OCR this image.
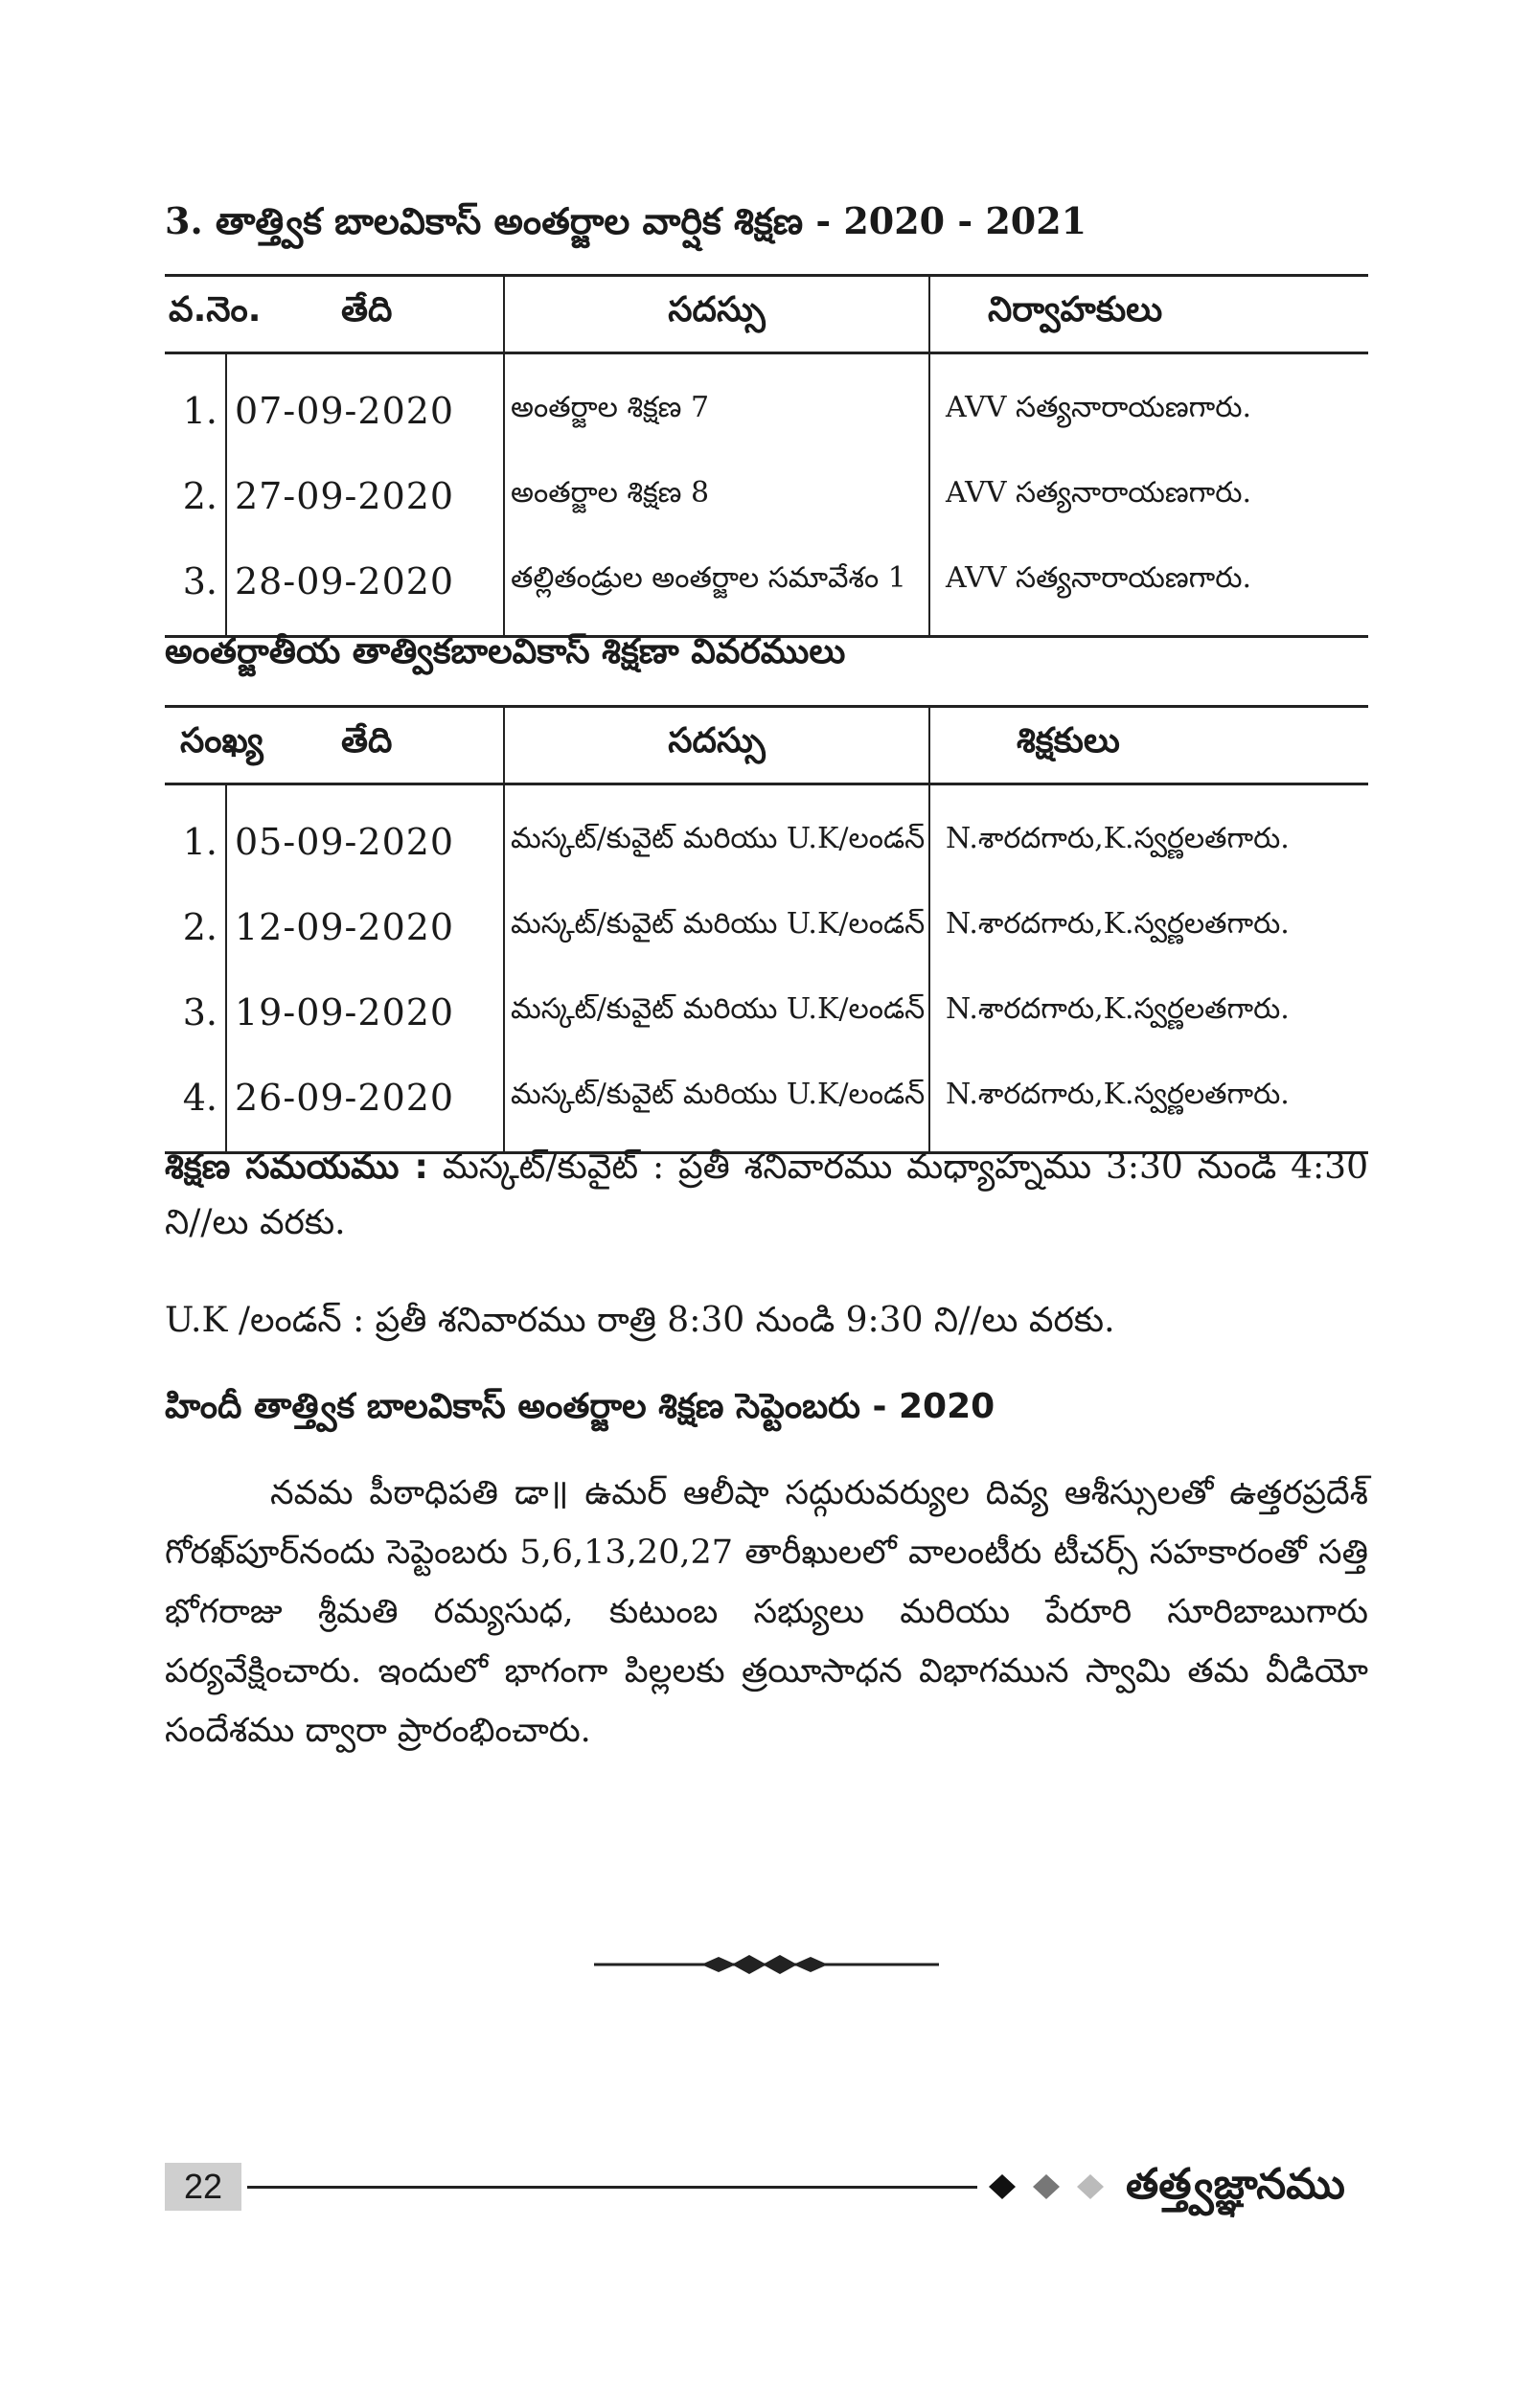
3. తాత్త్విక బాలవికాస్ అంతర్జాల వార్షిక శిక్షణ - 2020 - 2021
వ.నెం.	తేది	సదస్సు	నిర్వాహకులు
1.	07-09-2020	అంతర్జాల శిక్షణ 7	AVV సత్యనారాయణగారు.
2.	27-09-2020	అంతర్జాల శిక్షణ 8	AVV సత్యనారాయణగారు.
3.	28-09-2020	తల్లితండ్రుల అంతర్జాల సమావేశం 1	AVV సత్యనారాయణగారు.
అంతర్జాతీయ తాత్వికబాలవికాస్ శిక్షణా వివరములు
సంఖ్య	తేది	సదస్సు	శిక్షకులు
1.	05-09-2020	మస్కట్/కువైట్ మరియు U.K/లండన్	N.శారదగారు,K.స్వర్ణలతగారు.
2.	12-09-2020	మస్కట్/కువైట్ మరియు U.K/లండన్	N.శారదగారు,K.స్వర్ణలతగారు.
3.	19-09-2020	మస్కట్/కువైట్ మరియు U.K/లండన్	N.శారదగారు,K.స్వర్ణలతగారు.
4.	26-09-2020	మస్కట్/కువైట్ మరియు U.K/లండన్	N.శారదగారు,K.స్వర్ణలతగారు.

శిక్షణ సమయము : మస్కట్/కువైట్ : ప్రతీ శనివారము మధ్యాహ్నము 3:30 నుండి 4:30 ని//లు వరకు.

U.K /లండన్ : ప్రతీ శనివారము రాత్రి 8:30 నుండి 9:30 ని//లు వరకు.

హిందీ తాత్త్విక బాలవికాస్ అంతర్జాల శిక్షణ సెప్టెంబరు - 2020

నవమ పీఠాధిపతి డా॥ ఉమర్ ఆలీషా సద్గురువర్యుల దివ్య ఆశీస్సులతో ఉత్తరప్రదేశ్ గోరఖ్‌పూర్‌నందు సెప్టెంబరు 5,6,13,20,27 తారీఖులలో వాలంటీరు టీచర్స్ సహకారంతో సత్తి భోగరాజు శ్రీమతి రమ్యసుధ, కుటుంబ సభ్యులు మరియు పేరూరి సూరిబాబుగారు పర్యవేక్షించారు. ఇందులో భాగంగా పిల్లలకు త్రయీసాధన విభాగమున స్వామి తమ వీడియో సందేశము ద్వారా ప్రారంభించారు.

22	తత్త్వజ్ఞానము
